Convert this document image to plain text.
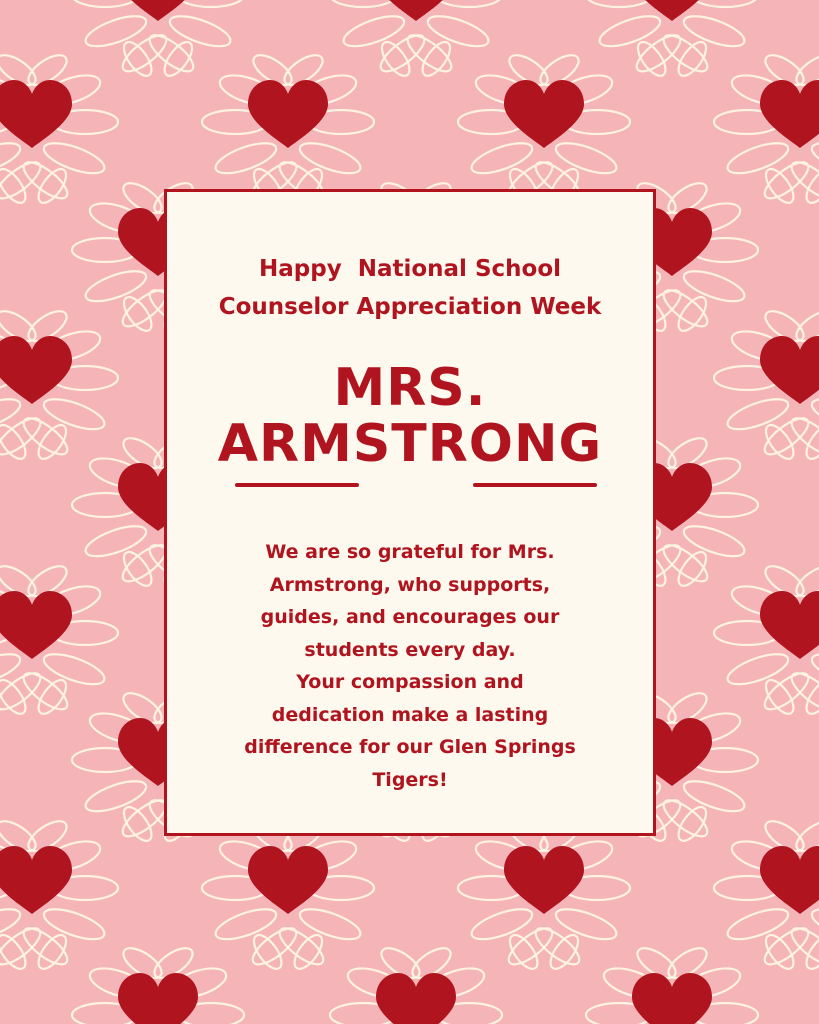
Happy  National School
Counselor Appreciation Week
MRS.
ARMSTRONG
We are so grateful for Mrs.
Armstrong, who supports,
guides, and encourages our
students every day.
Your compassion and
dedication make a lasting
difference for our Glen Springs
Tigers!
